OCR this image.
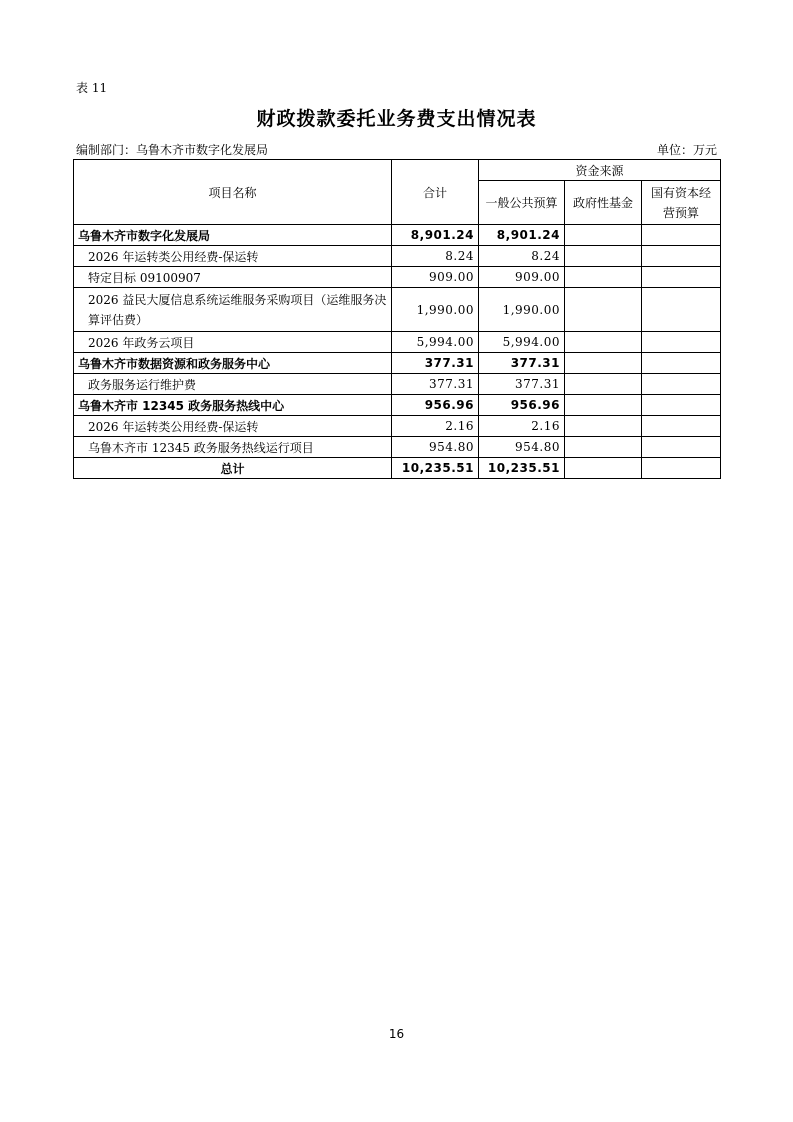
表 11
财政拨款委托业务费支出情况表
编制部门：乌鲁木齐市数字化发展局	单位：万元
项目名称	合计	资金来源		
		一般公共预算	政府性基金	国有资本经营预算
乌鲁木齐市数字化发展局	8,901.24	8,901.24		
2026 年运转类公用经费-保运转	8.24	8.24		
特定目标 09100907	909.00	909.00		
2026 益民大厦信息系统运维服务采购项目（运维服务决算评估费）	1,990.00	1,990.00		
2026 年政务云项目	5,994.00	5,994.00		
乌鲁木齐市数据资源和政务服务中心	377.31	377.31		
政务服务运行维护费	377.31	377.31		
乌鲁木齐市 12345 政务服务热线中心	956.96	956.96		
2026 年运转类公用经费-保运转	2.16	2.16		
乌鲁木齐市 12345 政务服务热线运行项目	954.80	954.80		
总计	10,235.51	10,235.51		
16
